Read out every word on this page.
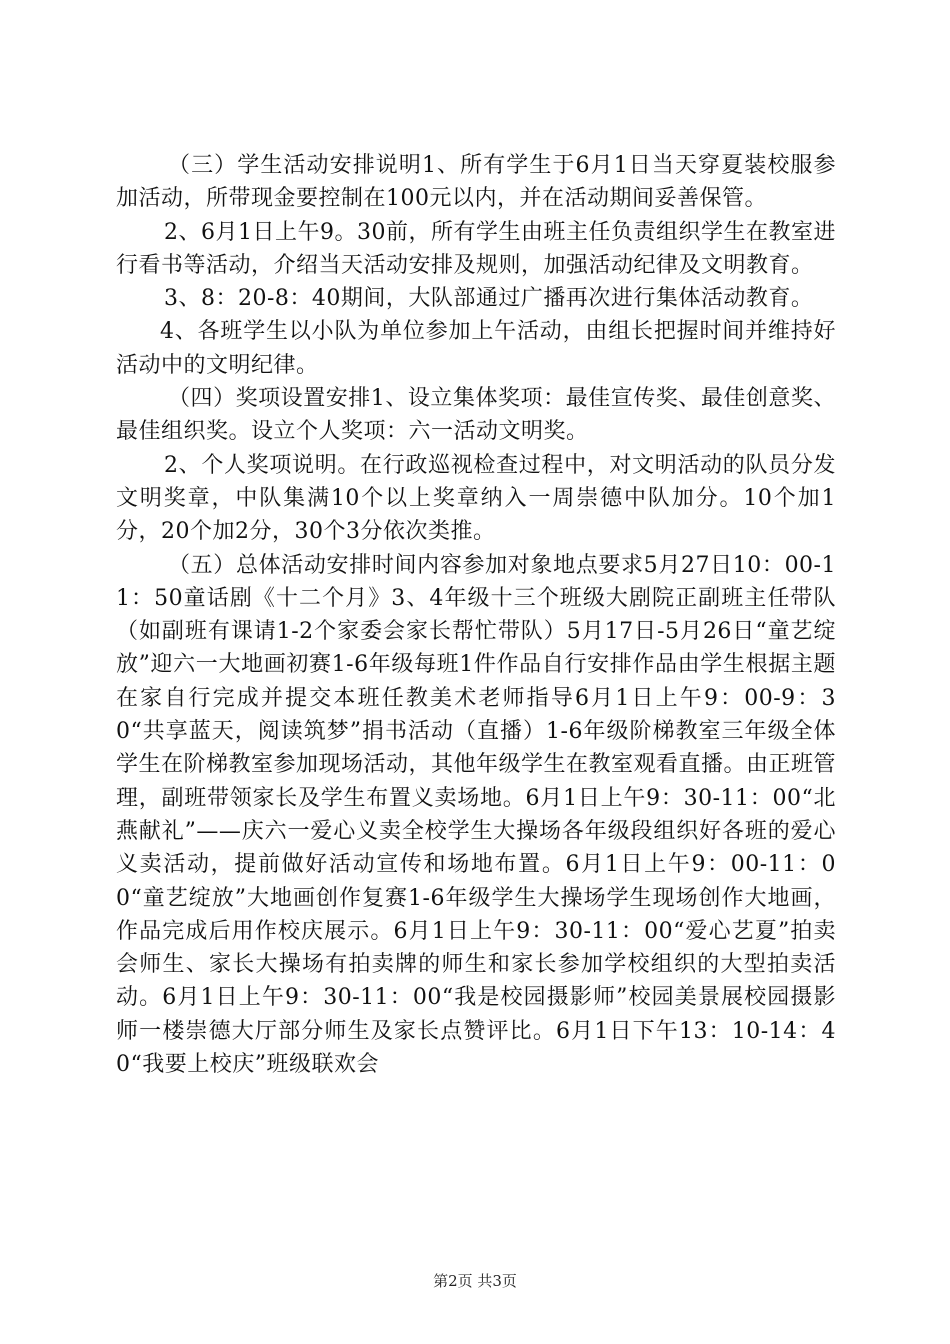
（三）学生活动安排说明1、所有学生于6月1日当天穿夏装校服参加活动，所带现金要控制在100元以内，并在活动期间妥善保管。

2、6月1日上午9。30前，所有学生由班主任负责组织学生在教室进行看书等活动，介绍当天活动安排及规则，加强活动纪律及文明教育。

3、8：20-8：40期间，大队部通过广播再次进行集体活动教育。

4、各班学生以小队为单位参加上午活动，由组长把握时间并维持好活动中的文明纪律。

（四）奖项设置安排1、设立集体奖项：最佳宣传奖、最佳创意奖、最佳组织奖。设立个人奖项：六一活动文明奖。

2、个人奖项说明。在行政巡视检查过程中，对文明活动的队员分发文明奖章，中队集满10个以上奖章纳入一周崇德中队加分。10个加1分，20个加2分，30个3分依次类推。

（五）总体活动安排时间内容参加对象地点要求5月27日10：00-11：50童话剧《十二个月》3、4年级十三个班级大剧院正副班主任带队（如副班有课请1-2个家委会家长帮忙带队）5月17日-5月26日“童艺绽放”迎六一大地画初赛1-6年级每班1件作品自行安排作品由学生根据主题在家自行完成并提交本班任教美术老师指导6月1日上午9：00-9：30“共享蓝天，阅读筑梦”捐书活动（直播）1-6年级阶梯教室三年级全体学生在阶梯教室参加现场活动，其他年级学生在教室观看直播。由正班管理，副班带领家长及学生布置义卖场地。6月1日上午9：30-11：00“北燕献礼”——庆六一爱心义卖全校学生大操场各年级段组织好各班的爱心义卖活动，提前做好活动宣传和场地布置。6月1日上午9：00-11：00“童艺绽放”大地画创作复赛1-6年级学生大操场学生现场创作大地画，作品完成后用作校庆展示。6月1日上午9：30-11：00“爱心艺夏”拍卖会师生、家长大操场有拍卖牌的师生和家长参加学校组织的大型拍卖活动。6月1日上午9：30-11：00“我是校园摄影师”校园美景展校园摄影师一楼崇德大厅部分师生及家长点赞评比。6月1日下午13：10-14：40“我要上校庆”班级联欢会

第2页 共3页
